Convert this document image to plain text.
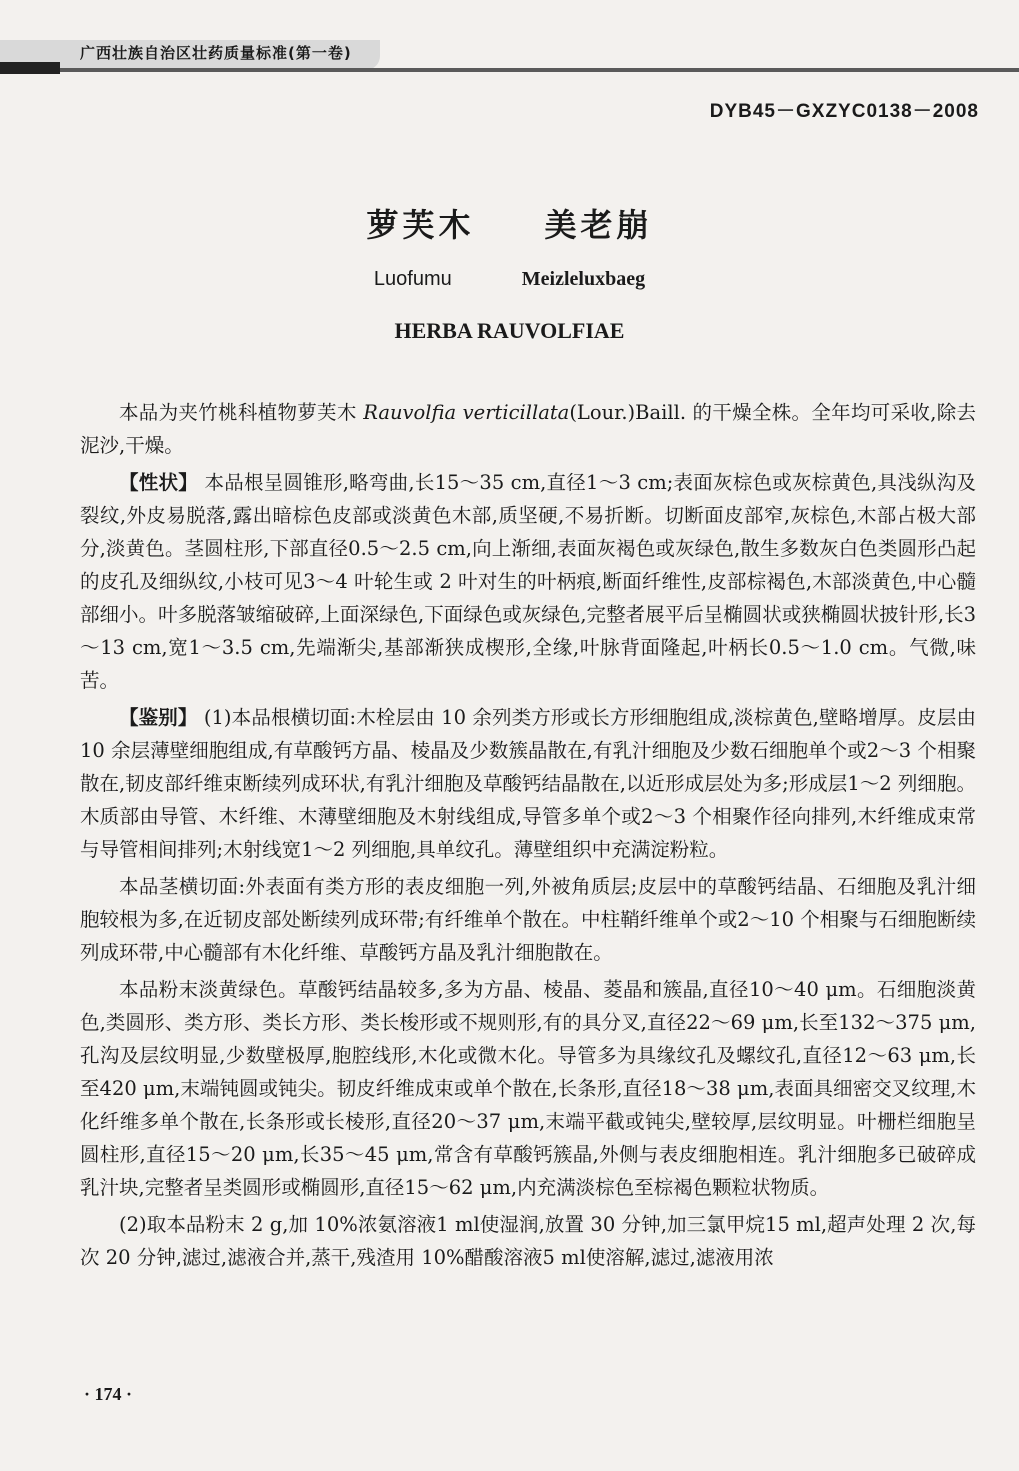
广西壮族自治区壮药质量标准(第一卷)
DYB45－GXZYC0138－2008
萝芙木 美老崩
Luofumu	Meizleluxbaeg
HERBA RAUVOLFIAE

本品为夹竹桃科植物萝芙木 Rauvolfia verticillata(Lour.)Baill. 的干燥全株。全年均可采收,除去泥沙,干燥。

【性状】 本品根呈圆锥形,略弯曲,长15～35 cm,直径1～3 cm;表面灰棕色或灰棕黄色,具浅纵沟及裂纹,外皮易脱落,露出暗棕色皮部或淡黄色木部,质坚硬,不易折断。切断面皮部窄,灰棕色,木部占极大部分,淡黄色。茎圆柱形,下部直径0.5～2.5 cm,向上渐细,表面灰褐色或灰绿色,散生多数灰白色类圆形凸起的皮孔及细纵纹,小枝可见3～4 叶轮生或 2 叶对生的叶柄痕,断面纤维性,皮部棕褐色,木部淡黄色,中心髓部细小。叶多脱落皱缩破碎,上面深绿色,下面绿色或灰绿色,完整者展平后呈椭圆状或狭椭圆状披针形,长3～13 cm,宽1～3.5 cm,先端渐尖,基部渐狭成楔形,全缘,叶脉背面隆起,叶柄长0.5～1.0 cm。气微,味苦。

【鉴别】 (1)本品根横切面:木栓层由 10 余列类方形或长方形细胞组成,淡棕黄色,壁略增厚。皮层由 10 余层薄壁细胞组成,有草酸钙方晶、棱晶及少数簇晶散在,有乳汁细胞及少数石细胞单个或2～3 个相聚散在,韧皮部纤维束断续列成环状,有乳汁细胞及草酸钙结晶散在,以近形成层处为多;形成层1～2 列细胞。木质部由导管、木纤维、木薄壁细胞及木射线组成,导管多单个或2～3 个相聚作径向排列,木纤维成束常与导管相间排列;木射线宽1～2 列细胞,具单纹孔。薄壁组织中充满淀粉粒。

本品茎横切面:外表面有类方形的表皮细胞一列,外被角质层;皮层中的草酸钙结晶、石细胞及乳汁细胞较根为多,在近韧皮部处断续列成环带;有纤维单个散在。中柱鞘纤维单个或2～10 个相聚与石细胞断续列成环带,中心髓部有木化纤维、草酸钙方晶及乳汁细胞散在。

本品粉末淡黄绿色。草酸钙结晶较多,多为方晶、棱晶、菱晶和簇晶,直径10～40 μm。石细胞淡黄色,类圆形、类方形、类长方形、类长梭形或不规则形,有的具分叉,直径22～69 μm,长至132～375 μm,孔沟及层纹明显,少数壁极厚,胞腔线形,木化或微木化。导管多为具缘纹孔及螺纹孔,直径12～63 μm,长至420 μm,末端钝圆或钝尖。韧皮纤维成束或单个散在,长条形,直径18～38 μm,表面具细密交叉纹理,木化纤维多单个散在,长条形或长棱形,直径20～37 μm,末端平截或钝尖,壁较厚,层纹明显。叶栅栏细胞呈圆柱形,直径15～20 μm,长35～45 μm,常含有草酸钙簇晶,外侧与表皮细胞相连。乳汁细胞多已破碎成乳汁块,完整者呈类圆形或椭圆形,直径15～62 μm,内充满淡棕色至棕褐色颗粒状物质。

(2)取本品粉末 2 g,加 10%浓氨溶液1 ml使湿润,放置 30 分钟,加三氯甲烷15 ml,超声处理 2 次,每次 20 分钟,滤过,滤液合并,蒸干,残渣用 10%醋酸溶液5 ml使溶解,滤过,滤液用浓

· 174 ·
